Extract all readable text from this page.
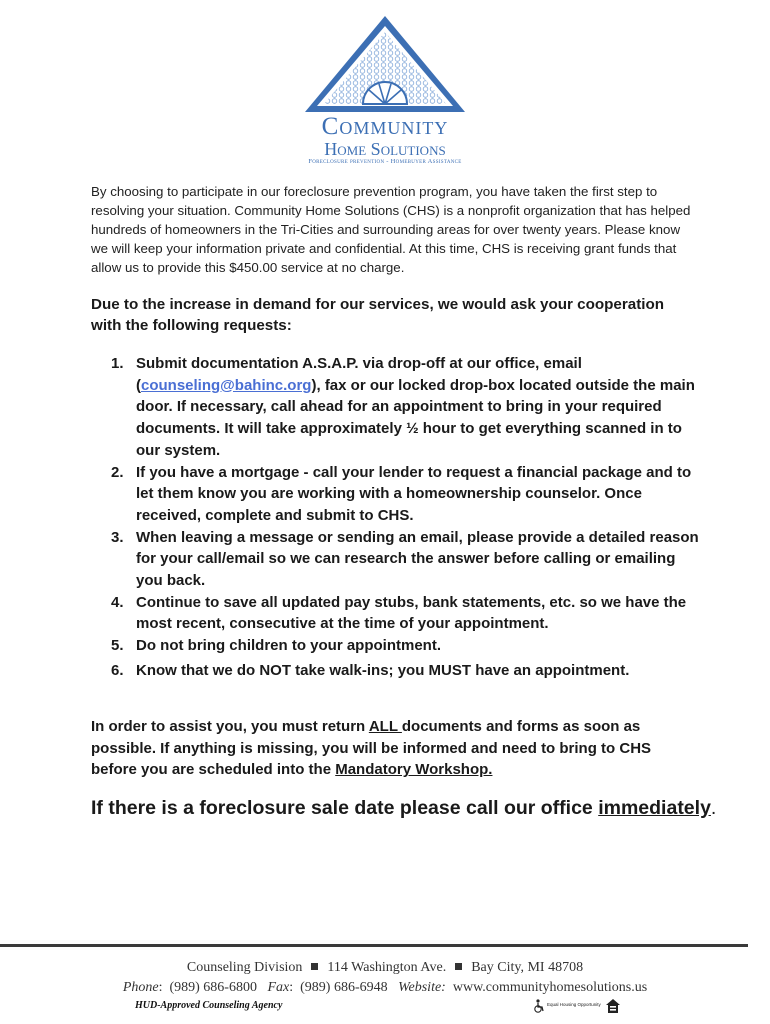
Community
Home Solutions
Foreclosure prevention - Homebuyer Assistance

By choosing to participate in our foreclosure prevention program, you have taken the first step to resolving your situation. Community Home Solutions (CHS) is a nonprofit organization that has helped hundreds of homeowners in the Tri-Cities and surrounding areas for over twenty years. Please know we will keep your information private and confidential. At this time, CHS is receiving grant funds that allow us to provide this $450.00 service at no charge.

Due to the increase in demand for our services, we would ask your cooperation with the following requests:
1. Submit documentation A.S.A.P. via drop-off at our office, email (counseling@bahinc.org), fax or our locked drop-box located outside the main door. If necessary, call ahead for an appointment to bring in your required documents. It will take approximately ½ hour to get everything scanned in to our system.
2. If you have a mortgage - call your lender to request a financial package and to let them know you are working with a homeownership counselor. Once received, complete and submit to CHS.
3. When leaving a message or sending an email, please provide a detailed reason for your call/email so we can research the answer before calling or emailing you back.
4. Continue to save all updated pay stubs, bank statements, etc. so we have the most recent, consecutive at the time of your appointment.
5. Do not bring children to your appointment.
6. Know that we do NOT take walk-ins; you MUST have an appointment.
In order to assist you, you must return ALL documents and forms as soon as possible. If anything is missing, you will be informed and need to bring to CHS before you are scheduled into the Mandatory Workshop.
If there is a foreclosure sale date please call our office immediately.
Counseling Division 114 Washington Ave. Bay City, MI 48708
Phone:  (989) 686-6800 Fax:  (989) 686-6948 Website: www.communityhomesolutions.us
HUD-Approved Counseling Agency	Equal Housing Opportunity
